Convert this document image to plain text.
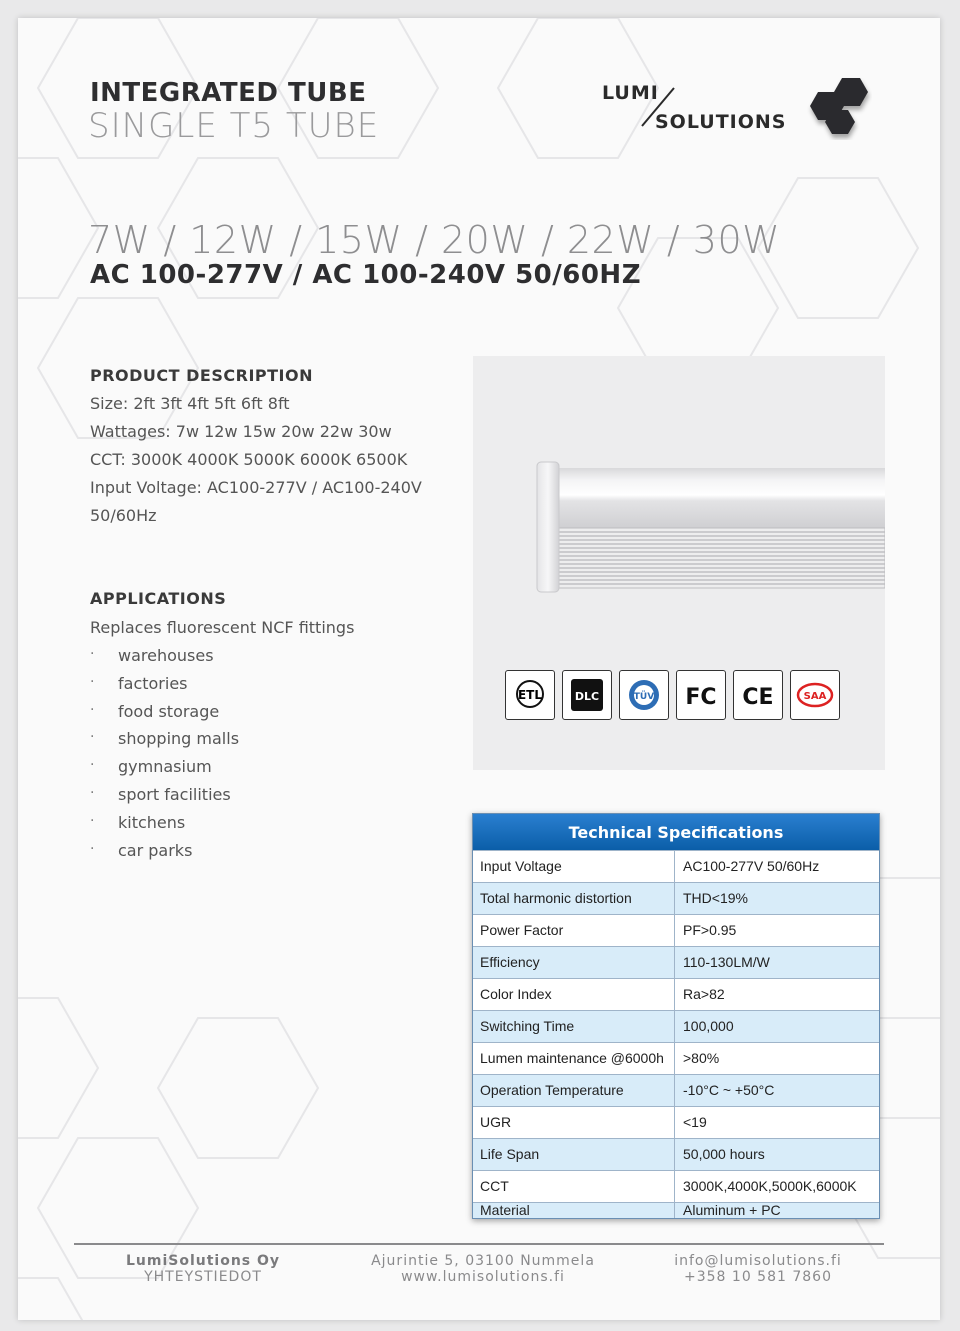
INTEGRATED TUBE
SINGLE T5 TUBE
LUMI
SOLUTIONS
7W / 12W / 15W / 20W / 22W / 30W
AC 100-277V / AC 100-240V 50/60HZ
PRODUCT DESCRIPTION
Size: 2ft 3ft 4ft 5ft 6ft 8ft
Wattages: 7w 12w 15w 20w 22w 30w
CCT: 3000K 4000K 5000K 6000K 6500K
Input Voltage: AC100-277V / AC100-240V
50/60Hz
APPLICATIONS
Replaces fluorescent NCF fittings
· warehouses
· factories
· food storage
· shopping malls
· gymnasium
· sport facilities
· kitchens
· car parks
ETL	DLC	TÜV FC CE	SAA
Technical Specifications
Input Voltage	AC100-277V 50/60Hz
Total harmonic distortion	THD<19%
Power Factor	PF>0.95
Efficiency	110-130LM/W
Color Index	Ra>82
Switching Time	100,000
Lumen maintenance @6000h	>80%
Operation Temperature	-10°C ~ +50°C
UGR	<19
Life Span	50,000 hours
CCT	3000K,4000K,5000K,6000K
Material	Aluminum + PC
LumiSolutions Oy
YHTEYSTIEDOT
Ajurintie 5, 03100 Nummela
www.lumisolutions.fi
info@lumisolutions.fi
+358 10 581 7860
